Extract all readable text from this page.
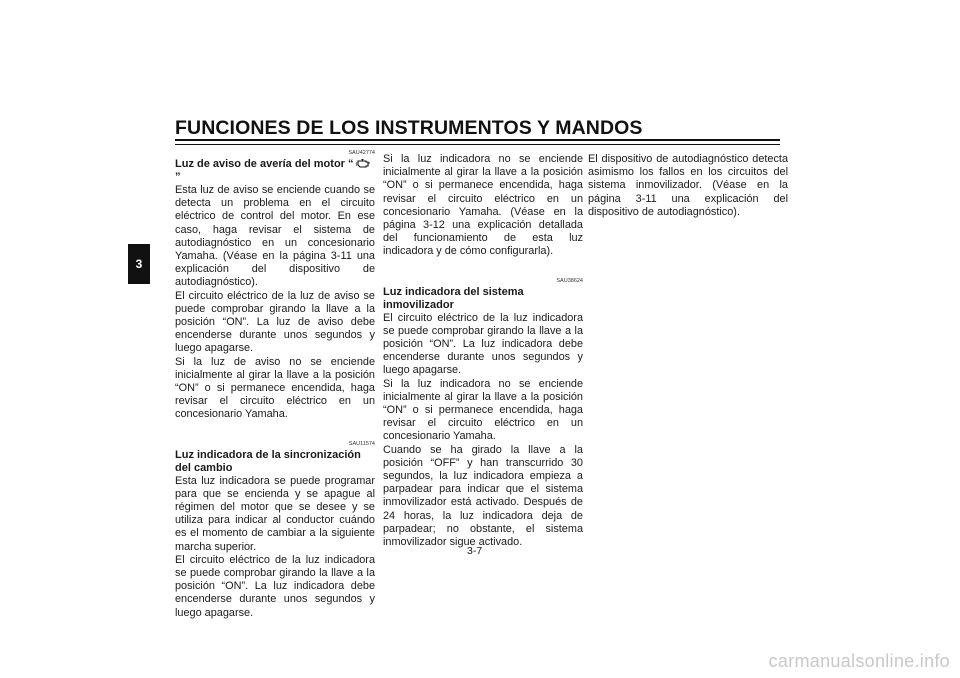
FUNCIONES DE LOS INSTRUMENTOS Y MANDOS
3
SAU42774
Luz de aviso de avería del motor “”

Esta luz de aviso se enciende cuando se detecta un problema en el circuito eléctrico de control del motor. En ese caso, haga revisar el sistema de autodiagnóstico en un concesionario Yamaha. (Véase en la página 3-11 una explicación del dispositivo de autodiagnóstico).

El circuito eléctrico de la luz de aviso se puede comprobar girando la llave a la posición “ON”. La luz de aviso debe encenderse durante unos segundos y luego apagarse.

Si la luz de aviso no se enciende inicialmente al girar la llave a la posición “ON” o si permanece encendida, haga revisar el circuito eléctrico en un concesionario Yamaha.

SAU11574
Luz indicadora de la sincronización del cambio

Esta luz indicadora se puede programar para que se encienda y se apague al régimen del motor que se desee y se utiliza para indicar al conductor cuándo es el momento de cambiar a la siguiente marcha superior.

El circuito eléctrico de la luz indicadora se puede comprobar girando la llave a la posición “ON”. La luz indicadora debe encenderse durante unos segundos y luego apagarse.

Si la luz indicadora no se enciende inicialmente al girar la llave a la posición “ON” o si permanece encendida, haga revisar el circuito eléctrico en un concesionario Yamaha. (Véase en la página 3-12 una explicación detallada del funcionamiento de esta luz indicadora y de cómo configurarla).

SAU38624
Luz indicadora del sistema inmovilizador

El circuito eléctrico de la luz indicadora se puede comprobar girando la llave a la posición “ON”. La luz indicadora debe encenderse durante unos segundos y luego apagarse.

Si la luz indicadora no se enciende inicialmente al girar la llave a la posición “ON” o si permanece encendida, haga revisar el circuito eléctrico en un concesionario Yamaha.

Cuando se ha girado la llave a la posición “OFF” y han transcurrido 30 segundos, la luz indicadora empieza a parpadear para indicar que el sistema inmovilizador está activado. Después de 24 horas, la luz indicadora deja de parpadear; no obstante, el sistema inmovilizador sigue activado.

El dispositivo de autodiagnóstico detecta asimismo los fallos en los circuitos del sistema inmovilizador. (Véase en la página 3-11 una explicación del dispositivo de autodiagnóstico).

3-7
carmanualsonline.info
